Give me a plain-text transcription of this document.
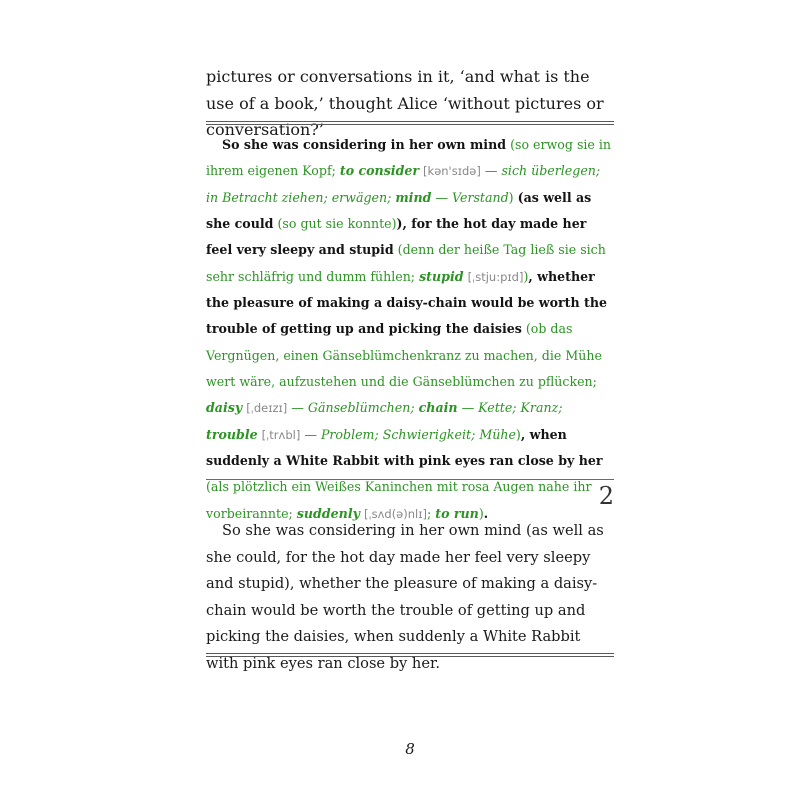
pictures or conversations in it, ‘and what is the use of a book,’ thought Alice ‘without pictures or conversation?’

So she was considering in her own mind (so erwog sie in ihrem eigenen Kopf; to consider [kən'sɪdə] — sich überlegen; in Betracht ziehen; erwägen; mind — Verstand) (as well as she could (so gut sie konnte)), for the hot day made her feel very sleepy and stupid (denn der heiße Tag ließ sie sich sehr schläfrig und dumm fühlen; stupid [ˌstju:pɪd]), whether the pleasure of making a daisy-chain would be worth the trouble of getting up and picking the daisies (ob das Vergnügen, einen Gänseblümchenkranz zu machen, die Mühe wert wäre, aufzustehen und die Gänseblümchen zu pflücken; daisy [ˌdeɪzɪ] — Gänseblümchen; chain — Kette; Kranz; trouble [ˌtrʌbl] — Problem; Schwierigkeit; Mühe), when suddenly a White Rabbit with pink eyes ran close by her (als plötzlich ein Weißes Kaninchen mit rosa Augen nahe ihr vorbeirannte; suddenly [ˌsʌd(ə)nlɪ]; to run).

2

So she was considering in her own mind (as well as she could, for the hot day made her feel very sleepy and stupid), whether the pleasure of making a daisy-chain would be worth the trouble of getting up and picking the daisies, when suddenly a White Rabbit with pink eyes ran close by her.

8
